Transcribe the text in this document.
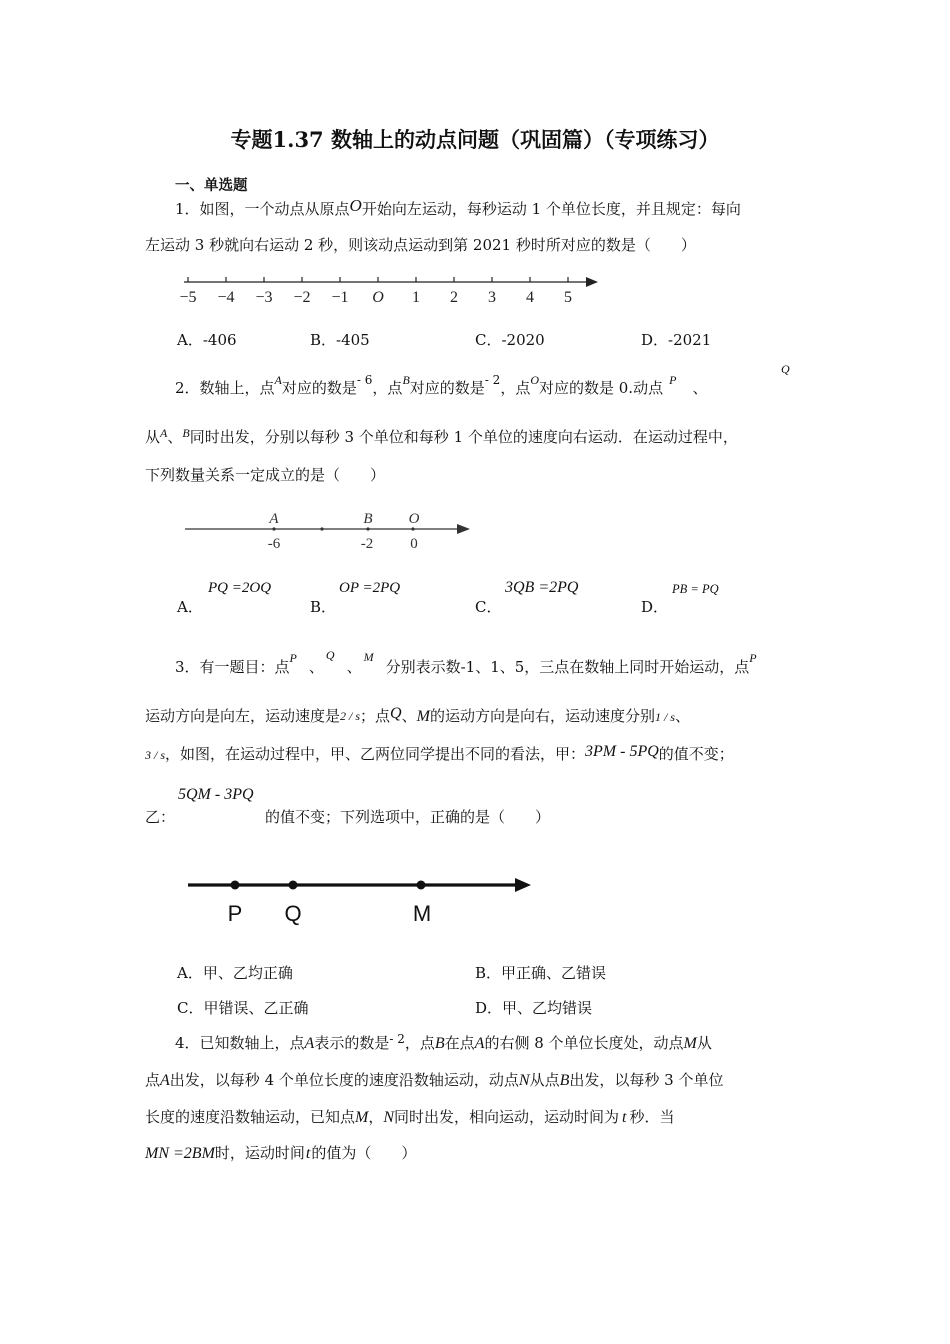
专题1.37 数轴上的动点问题（巩固篇）（专项练习）
一、单选题
1．如图，一个动点从原点O开始向左运动，每秒运动 1 个单位长度，并且规定：每向
左运动 3 秒就向右运动 2 秒，则该动点运动到第 2021 秒时所对应的数是（　　）
−5 −4 −3 −2 −1 O 1 2 3 4 5
A．-406	B．-405	C．-2020	D．-2021
2．数轴上，点$^A$对应的数是$^{- 6}$，点$^B$对应的数是$^{- 2}$，点$^O$对应的数是 0.动点 $^P$ 、
Q
从$^A$、$^B$同时出发，分别以每秒 3 个单位和每秒 1 个单位的速度向右运动．在运动过程中，
下列数量关系一定成立的是（　　）
A	B O
-6	-2 0
A．
PQ =2OQ
B．
OP =2PQ
C．
3QB =2PQ
D．
PB = PQ
3．有一题目：点$^P$ 、$^Q$、$^M$分别表示数-1、1、5，三点在数轴上同时开始运动，点$^P$
运动方向是向左，运动速度是2 / s；点Q、M的运动方向是向右，运动速度分别1 / s、
3 / s，如图，在运动过程中，甲、乙两位同学提出不同的看法，甲：3PM - 5PQ的值不变；
5QM - 3PQ
乙：	的值不变；下列选项中，正确的是（　　）
P Q	M
A．甲、乙均正确	B．甲正确、乙错误
C．甲错误、乙正确	D．甲、乙均错误
4．已知数轴上，点A表示的数是$^{- 2}$，点B在点A的右侧 8 个单位长度处，动点M从
点A出发，以每秒 4 个单位长度的速度沿数轴运动，动点N从点B出发，以每秒 3 个单位
长度的速度沿数轴运动，已知点M，N同时出发，相向运动，运动时间为 t 秒．当
MN =2BM时，运动时间t的值为（　　）
